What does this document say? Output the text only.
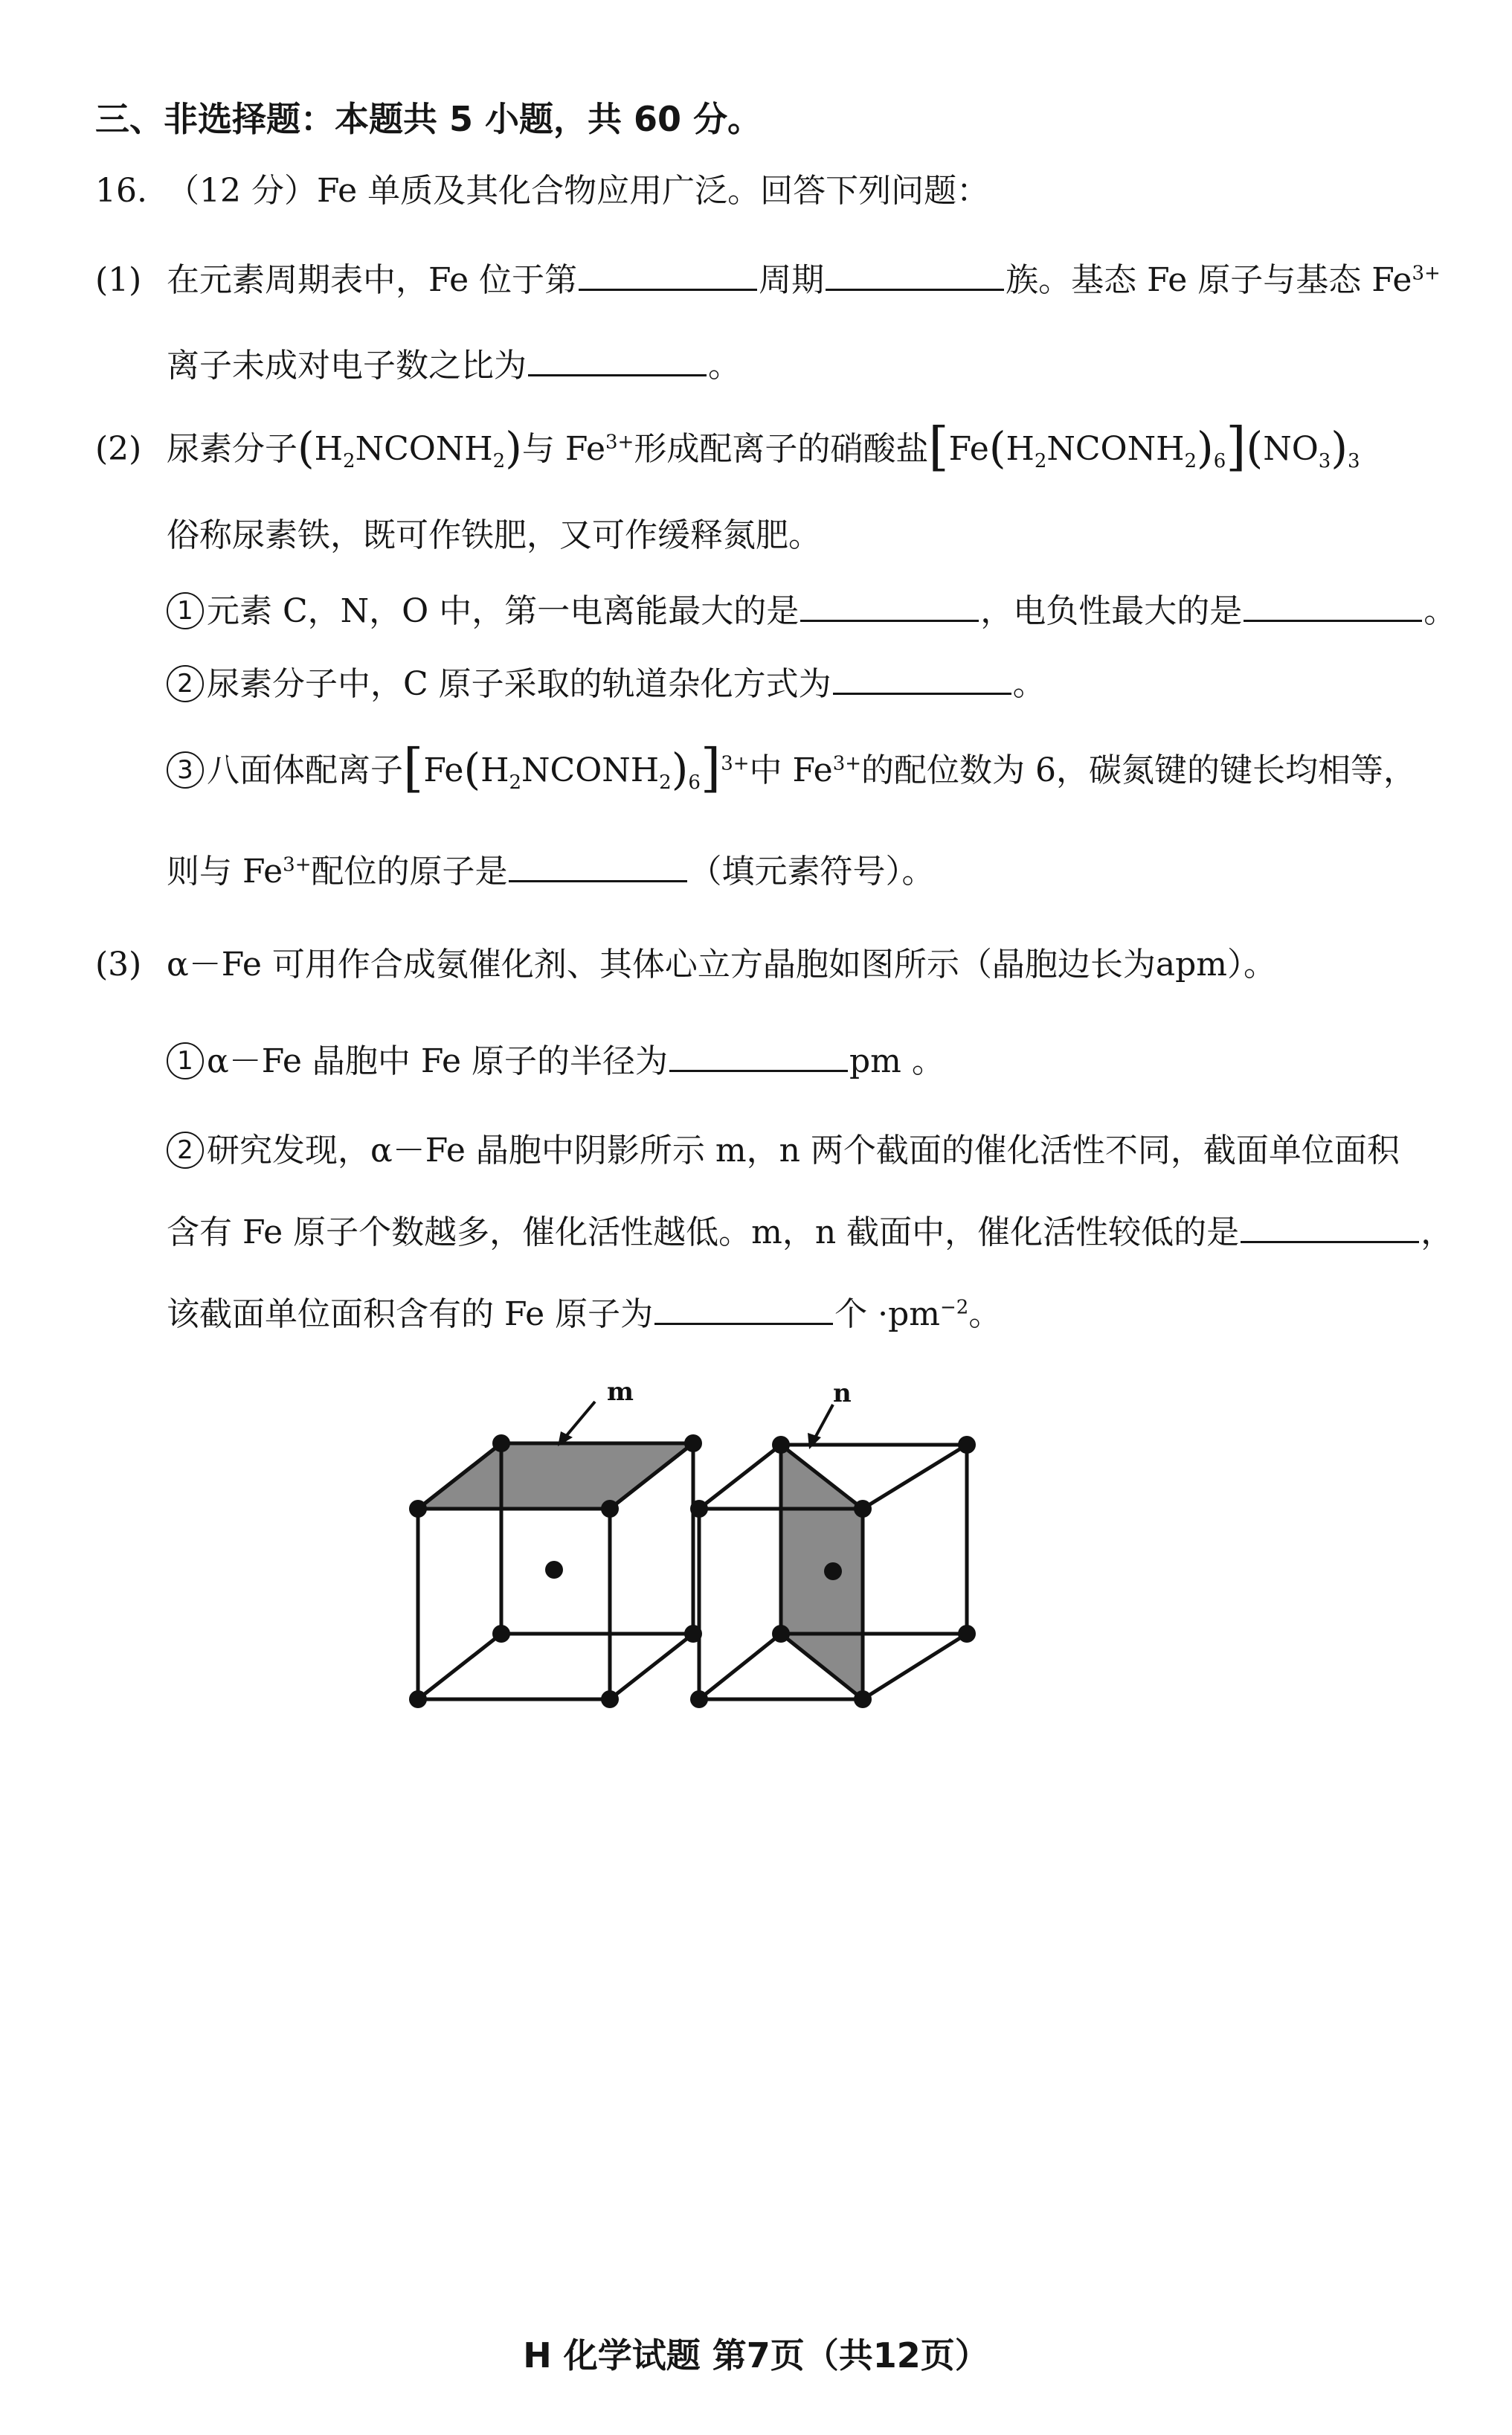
三、非选择题：本题共 5 小题，共 60 分。
16. （12 分）Fe 单质及其化合物应用广泛。回答下列问题：
(1) 在元素周期表中，Fe 位于第	周期	族。基态 Fe 原子与基态 $Fe^{3+}$
离子未成对电子数之比为	。
(2) 尿素分子$(H_2NCONH_2)$与 $Fe^{3+}$形成配离子的硝酸盐$[Fe(H_2NCONH_2)_6](NO_3)_3$
俗称尿素铁，既可作铁肥，又可作缓释氮肥。
1 元素 C，N，O 中，第一电离能最大的是	，电负性最大的是	。
2 尿素分子中，C 原子采取的轨道杂化方式为	。
3 八面体配离子$[Fe(H_2NCONH_2)_6]^{3+}$中 $Fe^{3+}$的配位数为 6，碳氮键的键长均相等，
则与 $Fe^{3+}$配位的原子是	（填元素符号）。
(3) α－Fe 可用作合成氨催化剂、其体心立方晶胞如图所示（晶胞边长为apm）。
1 α－Fe 晶胞中 Fe 原子的半径为	pm 。
2 研究发现，α－Fe 晶胞中阴影所示 m，n 两个截面的催化活性不同，截面单位面积
含有 Fe 原子个数越多，催化活性越低。m，n 截面中，催化活性较低的是	，
该截面单位面积含有的 Fe 原子为	个 $\cdot pm^{-2}$。
m	n
H 化学试题 第7页（共12页）
